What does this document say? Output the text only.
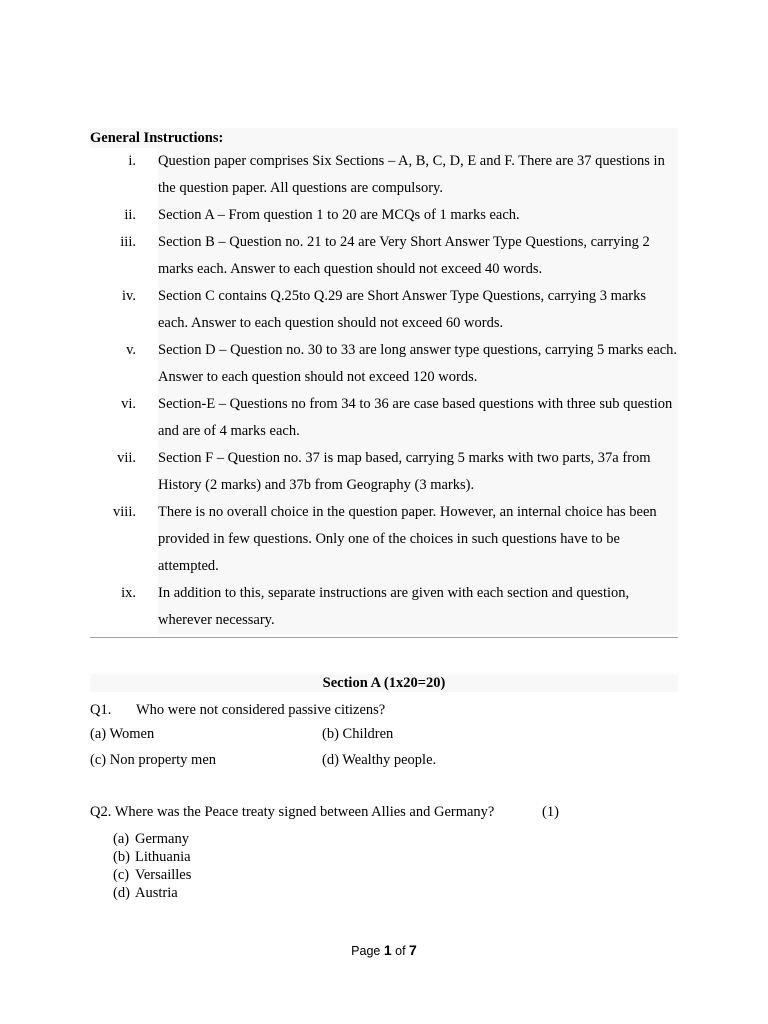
General Instructions:
i.	Question paper comprises Six Sections – A, B, C, D, E and F. There are 37 questions in the question paper. All questions are compulsory.
ii.	Section A – From question 1 to 20 are MCQs of 1 marks each.
iii.	Section B – Question no. 21 to 24 are Very Short Answer Type Questions, carrying 2 marks each. Answer to each question should not exceed 40 words.
iv.	Section C contains Q.25to Q.29 are Short Answer Type Questions, carrying 3 marks each. Answer to each question should not exceed 60 words.
v.	Section D – Question no. 30 to 33 are long answer type questions, carrying 5 marks each. Answer to each question should not exceed 120 words.
vi.	Section-E – Questions no from 34 to 36 are case based questions with three sub question and are of 4 marks each.
vii.	Section F – Question no. 37 is map based, carrying 5 marks with two parts, 37a from History (2 marks) and 37b from Geography (3 marks).
viii.	There is no overall choice in the question paper. However, an internal choice has been provided in few questions. Only one of the choices in such questions have to be attempted.
ix.	In addition to this, separate instructions are given with each section and question, wherever necessary.
Section A (1x20=20)
Q1. Who were not considered passive citizens?
(a) Women	(b) Children
(c) Non property men	(d) Wealthy people.
Q2. Where was the Peace treaty signed between Allies and Germany?	(1)
(a) Germany
(b) Lithuania
(c) Versailles
(d) Austria
Page 1 of 7
